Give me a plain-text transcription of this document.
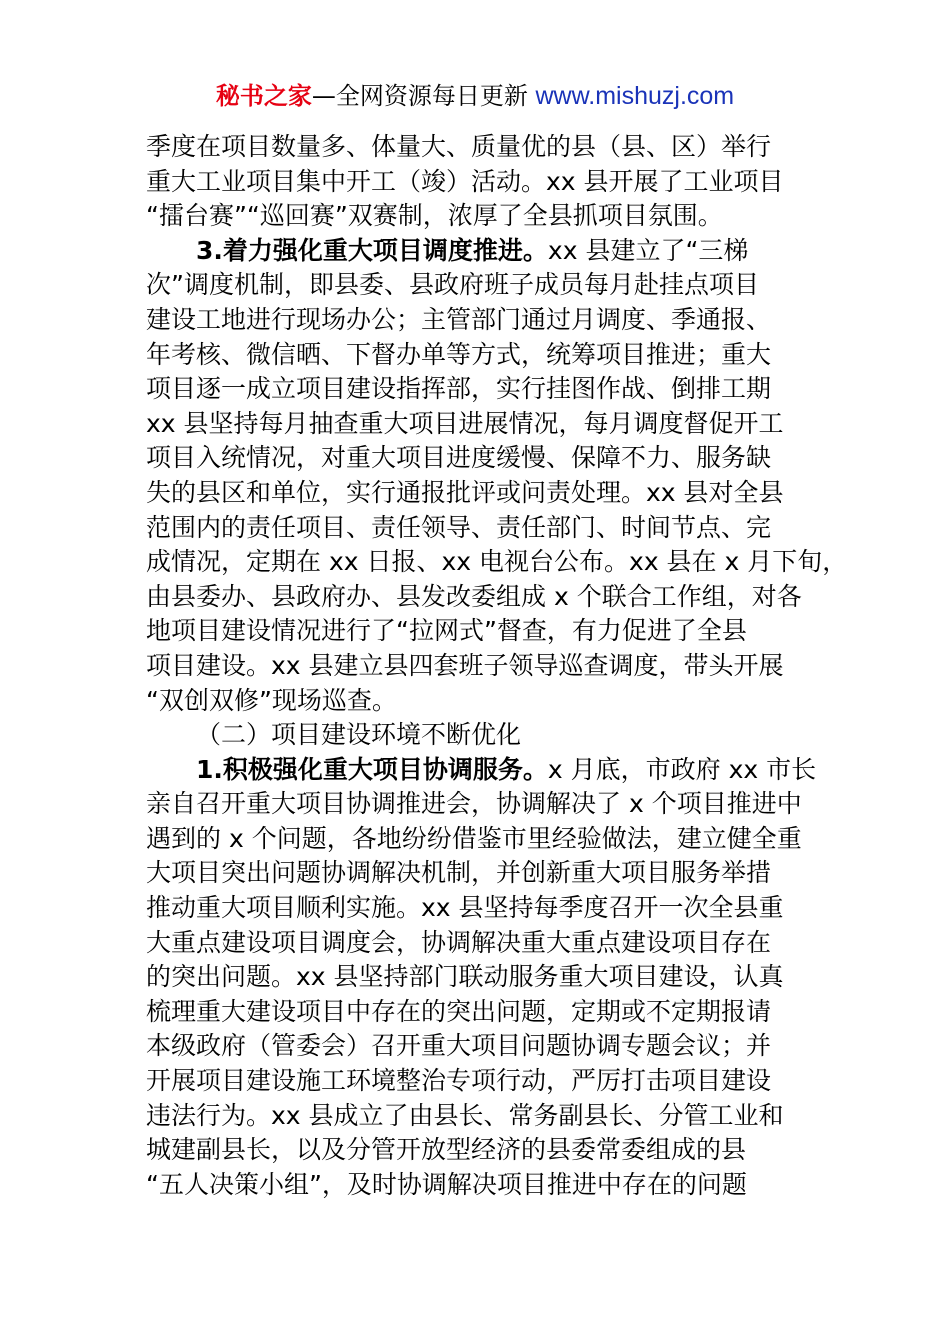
秘书之家—全网资源每日更新 www.mishuzj.com
季度在项目数量多、体量大、质量优的县（县、区）举行
重大工业项目集中开工（竣）活动。xx 县开展了工业项目
“擂台赛”“巡回赛”双赛制，浓厚了全县抓项目氛围。
3.着力强化重大项目调度推进。xx 县建立了“三梯
次”调度机制，即县委、县政府班子成员每月赴挂点项目
建设工地进行现场办公；主管部门通过月调度、季通报、
年考核、微信晒、下督办单等方式，统筹项目推进；重大
项目逐一成立项目建设指挥部，实行挂图作战、倒排工期
xx 县坚持每月抽查重大项目进展情况，每月调度督促开工
项目入统情况，对重大项目进度缓慢、保障不力、服务缺
失的县区和单位，实行通报批评或问责处理。xx 县对全县
范围内的责任项目、责任领导、责任部门、时间节点、完
成情况，定期在 xx 日报、xx 电视台公布。xx 县在 x 月下旬，
由县委办、县政府办、县发改委组成 x 个联合工作组，对各
地项目建设情况进行了“拉网式”督查，有力促进了全县
项目建设。xx 县建立县四套班子领导巡查调度，带头开展
“双创双修”现场巡查。
（二）项目建设环境不断优化
1.积极强化重大项目协调服务。x 月底，市政府 xx 市长
亲自召开重大项目协调推进会，协调解决了 x 个项目推进中
遇到的 x 个问题，各地纷纷借鉴市里经验做法，建立健全重
大项目突出问题协调解决机制，并创新重大项目服务举措
推动重大项目顺利实施。xx 县坚持每季度召开一次全县重
大重点建设项目调度会，协调解决重大重点建设项目存在
的突出问题。xx 县坚持部门联动服务重大项目建设，认真
梳理重大建设项目中存在的突出问题，定期或不定期报请
本级政府（管委会）召开重大项目问题协调专题会议；并
开展项目建设施工环境整治专项行动，严厉打击项目建设
违法行为。xx 县成立了由县长、常务副县长、分管工业和
城建副县长，以及分管开放型经济的县委常委组成的县
“五人决策小组”，及时协调解决项目推进中存在的问题
